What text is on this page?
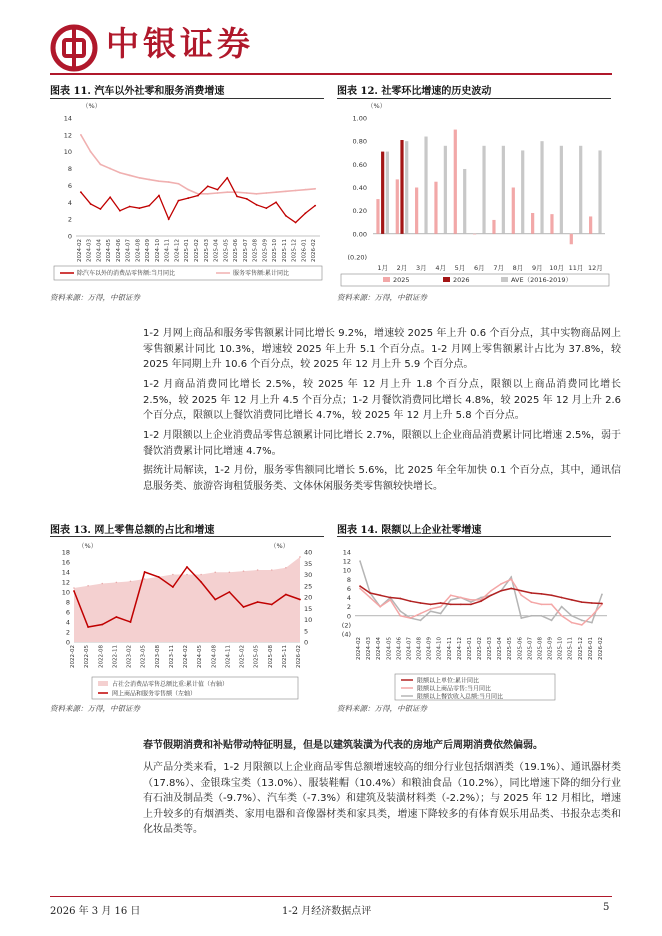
中银证券
图表 11. 汽车以外社零和服务消费增速
（%）
14
12
10
8
6
4
2
0
2024-02 2024-03 2024-04 2024-05 2024-06 2024-07 2024-08 2024-09 2024-10 2024-11 2024-12 2025-01 2025-02 2025-03 2025-04 2025-05 2025-06 2025-07 2025-08 2025-09 2025-10 2025-11 2025-12 2026-01 2026-02
除汽车以外的消费品零售额:当月同比	服务零售额:累计同比
资料来源：万得，中银证券
图表 12. 社零环比增速的历史波动
（%）
1.00
0.80
0.60
0.40
0.20
0.00
(0.20)
1月 2月 3月 4月 5月 6月 7月 8月 9月 10月 11月 12月
2025	2026	AVE（2016-2019）
资料来源：万得，中银证券
1-2 月网上商品和服务零售额累计同比增长 9.2%，增速较 2025 年上升 0.6 个百分点，其中实物商品网上零售额累计同比 10.3%，增速较 2025 年上升 5.1 个百分点。1-2 月网上零售额累计占比为 37.8%，较 2025 年同期上升 10.6 个百分点，较 2025 年 12 月上升 5.9 个百分点。
1-2 月商品消费同比增长 2.5%，较 2025 年 12 月上升 1.8 个百分点，限额以上商品消费同比增长 2.5%，较 2025 年 12 月上升 4.5 个百分点；1-2 月餐饮消费同比增长 4.8%，较 2025 年 12 月上升 2.6 个百分点，限额以上餐饮消费同比增长 4.7%，较 2025 年 12 月上升 5.8 个百分点。
1-2 月限额以上企业消费品零售总额累计同比增长 2.7%，限额以上企业商品消费累计同比增速 2.5%，弱于餐饮消费累计同比增速 4.7%。
据统计局解读，1-2 月份，服务零售额同比增长 5.6%，比 2025 年全年加快 0.1 个百分点，其中，通讯信息服务类、旅游咨询租赁服务类、文体休闲服务类零售额较快增长。
图表 13. 网上零售总额的占比和增速
（%）	（%）
18
16
14
12
10
8
6
4
2
0
40
35
30
25
20
15
10
5
0
2022-02 2022-05 2022-08 2022-11 2023-02 2023-05 2023-08 2023-11 2024-02 2024-05 2024-08 2024-11 2025-02 2025-05 2025-08 2025-11 2026-02
占社会消费品零售总额比重:累计值（右轴）
网上商品和服务零售额（左轴）
资料来源：万得，中银证券
图表 14. 限额以上企业社零增速
14
12
10
8
6
4
2
0
(2)
(4)
2024-02 2024-03 2024-04 2024-05 2024-06 2024-07 2024-08 2024-09 2024-10 2024-11 2024-12 2025-01 2025-02 2025-03 2025-04 2025-05 2025-06 2025-07 2025-08 2025-09 2025-10 2025-11 2025-12 2026-01 2026-02
限额以上单位:累计同比
限额以上商品零售:当月同比
限额以上餐饮收入总额:当月同比
资料来源：万得，中银证券
春节假期消费和补贴带动特征明显，但是以建筑装潢为代表的房地产后周期消费依然偏弱。
从产品分类来看，1-2 月限额以上企业商品零售总额增速较高的细分行业包括烟酒类（19.1%）、通讯器材类（17.8%）、金银珠宝类（13.0%）、服装鞋帽（10.4%）和粮油食品（10.2%），同比增速下降的细分行业有石油及制品类（-9.7%）、汽车类（-7.3%）和建筑及装潢材料类（-2.2%）；与 2025 年 12 月相比，增速上升较多的有烟酒类、家用电器和音像器材类和家具类，增速下降较多的有体育娱乐用品类、书报杂志类和化妆品类等。
2026 年 3 月 16 日	1-2 月经济数据点评	5
